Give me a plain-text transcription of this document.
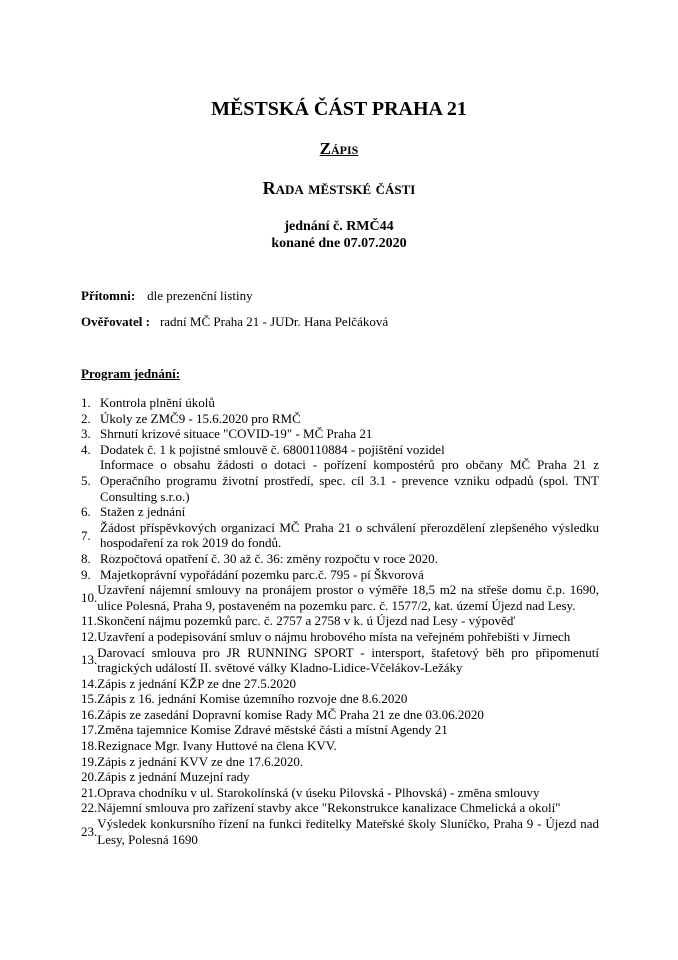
MĚSTSKÁ ČÁST PRAHA 21
Zápis
Rada městské části
jednání č. RMČ44
konané dne 07.07.2020
Přítomni: dle prezenční listiny
Ověřovatel : radní MČ Praha 21 - JUDr. Hana Pelčáková
Program jednání:
1. Kontrola plnění úkolů
2. Úkoly ze ZMČ9 - 15.6.2020 pro RMČ
3. Shrnutí krizové situace "COVID-19" - MČ Praha 21
4. Dodatek č. 1 k pojistné smlouvě č. 6800110884 - pojištění vozidel
5.
Informace o obsahu žádosti o dotaci - pořízení kompostérů pro občany MČ Praha 21 z Operačního programu životní prostředí, spec. cíl 3.1 - prevence vzniku odpadů (spol. TNT Consulting s.r.o.)
6. Stažen z jednání
7.
Žádost příspěvkových organizací MČ Praha 21 o schválení přerozdělení zlepšeného výsledku hospodaření za rok 2019 do fondů.
8. Rozpočtová opatření č. 30 až č. 36: změny rozpočtu v roce 2020.
9. Majetkoprávní vypořádání pozemku parc.č. 795 - pí Škvorová
10.
Uzavření nájemní smlouvy na pronájem prostor o výměře 18,5 m2 na střeše domu č.p. 1690, ulice Polesná, Praha 9, postaveném na pozemku parc. č. 1577/2, kat. území Újezd nad Lesy.
11. Skončení nájmu pozemků parc. č. 2757 a 2758 v k. ú Újezd nad Lesy - výpověď
12. Uzavření a podepisování smluv o nájmu hrobového místa na veřejném pohřebišti v Jirnech
13.
Darovací smlouva pro JR RUNNING SPORT - intersport, štafetový běh pro připomenutí tragických událostí II. světové války Kladno-Lidice-Včelákov-Ležáky
14. Zápis z jednání KŽP ze dne 27.5.2020
15. Zápis z 16. jednání Komise územního rozvoje dne 8.6.2020
16. Zápis ze zasedání Dopravní komise Rady MČ Praha 21 ze dne 03.06.2020
17. Změna tajemnice Komise Zdravé městské části a místní Agendy 21
18. Rezignace Mgr. Ivany Huttové na člena KVV.
19. Zápis z jednání KVV ze dne 17.6.2020.
20. Zápis z jednání Muzejní rady
21. Oprava chodníku v ul. Starokolínská (v úseku Pilovská - Plhovská) - změna smlouvy
22. Nájemní smlouva pro zařízení stavby akce "Rekonstrukce kanalizace Chmelická a okolí"
23.
Výsledek konkursního řízení na funkci ředitelky Mateřské školy Sluníčko, Praha 9 - Újezd nad Lesy, Polesná 1690
